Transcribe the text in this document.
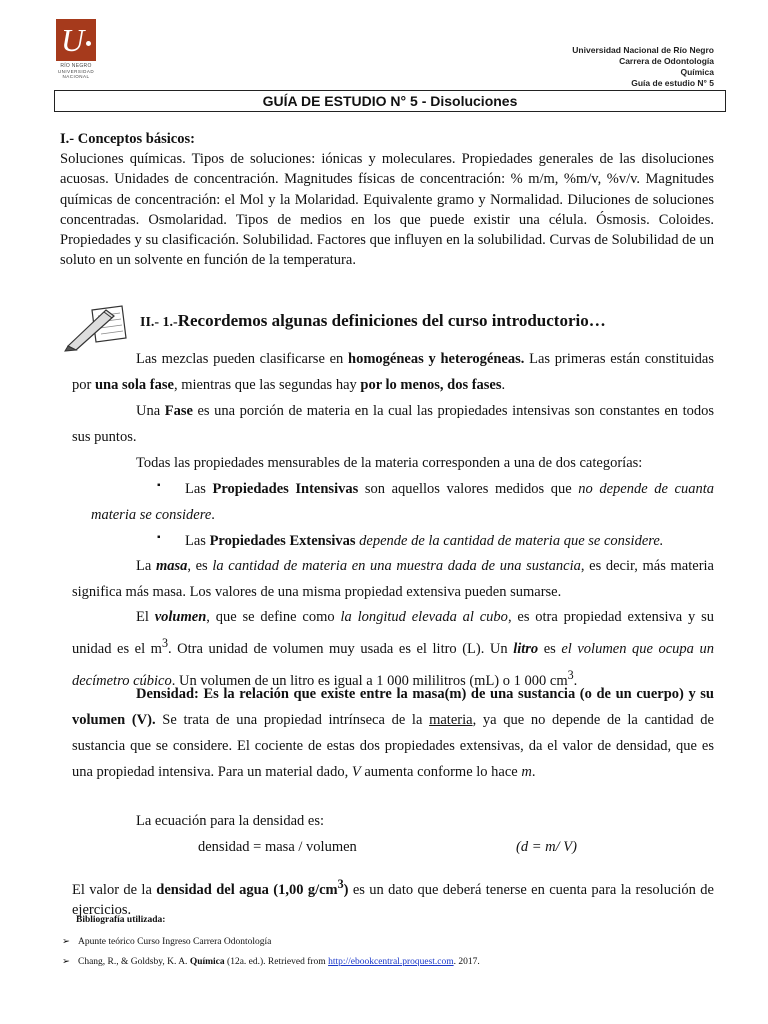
U
RÍO NEGRO
UNIVERSIDAD NACIONAL
Universidad Nacional de Río Negro
Carrera de Odontología
Química
Guía de estudio N° 5
GUÍA DE ESTUDIO N° 5 - Disoluciones
I.- Conceptos básicos:
Soluciones químicas. Tipos de soluciones: iónicas y moleculares. Propiedades generales de las disoluciones acuosas. Unidades de concentración. Magnitudes físicas de concentración: % m/m, %m/v, %v/v. Magnitudes químicas de concentración: el Mol y la Molaridad. Equivalente gramo y Normalidad. Diluciones de soluciones concentradas. Osmolaridad. Tipos de medios en los que puede existir una célula. Ósmosis. Coloides. Propiedades y su clasificación. Solubilidad. Factores que influyen en la solubilidad. Curvas de Solubilidad de un soluto en un solvente en función de la temperatura.
II.- 1.-Recordemos algunas definiciones del curso introductorio…
Las mezclas pueden clasificarse en homogéneas y heterogéneas. Las primeras están constituidas por una sola fase, mientras que las segundas hay por lo menos, dos fases.
Una Fase es una porción de materia en la cual las propiedades intensivas son constantes en todos sus puntos.
Todas las propiedades mensurables de la materia corresponden a una de dos categorías:
▪	Las Propiedades Intensivas son aquellos valores medidos que no depende de cuanta materia se considere.
▪ Las Propiedades Extensivas depende de la cantidad de materia que se considere.
La masa, es la cantidad de materia en una muestra dada de una sustancia, es decir, más materia significa más masa. Los valores de una misma propiedad extensiva pueden sumarse.
El volumen, que se define como la longitud elevada al cubo, es otra propiedad extensiva y su unidad es el $m^3$. Otra unidad de volumen muy usada es el litro (L). Un litro es el volumen que ocupa un decímetro cúbico. Un volumen de un litro es igual a 1 000 mililitros (mL) o 1 000 $cm^3$.
Densidad: Es la relación que existe entre la masa(m) de una sustancia (o de un cuerpo) y su volumen (V). Se trata de una propiedad intrínseca de la materia, ya que no depende de la cantidad de sustancia que se considere. El cociente de estas dos propiedades extensivas, da el valor de densidad, que es una propiedad intensiva. Para un material dado, V aumenta conforme lo hace m.
La ecuación para la densidad es:
densidad = masa / volumen	(d = m/ V)
El valor de la densidad del agua (1,00 $g/cm^3$) es un dato que deberá tenerse en cuenta para la resolución de ejercicios.
Bibliografía utilizada:
➢ Apunte teórico Curso Ingreso Carrera Odontología
➢ Chang, R., & Goldsby, K. A. Química (12a. ed.). Retrieved from http://ebookcentral.proquest.com. 2017.
